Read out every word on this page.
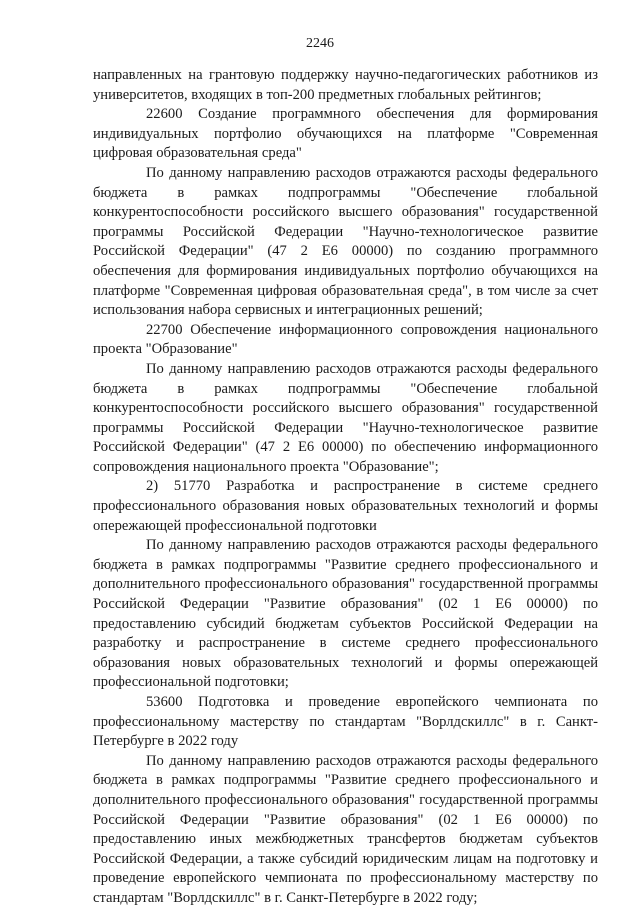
2246

направленных на грантовую поддержку научно-педагогических работников из университетов, входящих в топ-200 предметных глобальных рейтингов;

22600 Создание программного обеспечения для формирования индивидуальных портфолио обучающихся на платформе "Современная цифровая образовательная среда"

По данному направлению расходов отражаются расходы федерального бюджета в рамках подпрограммы "Обеспечение глобальной конкурентоспособности российского высшего образования" государственной программы Российской Федерации "Научно-технологическое развитие Российской Федерации" (47 2 Е6 00000) по созданию программного обеспечения для формирования индивидуальных портфолио обучающихся на платформе "Современная цифровая образовательная среда", в том числе за счет использования набора сервисных и интеграционных решений;

22700 Обеспечение информационного сопровождения национального проекта "Образование"

По данному направлению расходов отражаются расходы федерального бюджета в рамках подпрограммы "Обеспечение глобальной конкурентоспособности российского высшего образования" государственной программы Российской Федерации "Научно-технологическое развитие Российской Федерации" (47 2 Е6 00000) по обеспечению информационного сопровождения национального проекта "Образование";

2) 51770 Разработка и распространение в системе среднего профессионального образования новых образовательных технологий и формы опережающей профессиональной подготовки

По данному направлению расходов отражаются расходы федерального бюджета в рамках подпрограммы "Развитие среднего профессионального и дополнительного профессионального образования" государственной программы Российской Федерации "Развитие образования" (02 1 Е6 00000) по предоставлению субсидий бюджетам субъектов Российской Федерации на разработку и распространение в системе среднего профессионального образования новых образовательных технологий и формы опережающей профессиональной подготовки;

53600 Подготовка и проведение европейского чемпионата по профессиональному мастерству по стандартам "Ворлдскиллс" в г. Санкт-Петербурге в 2022 году

По данному направлению расходов отражаются расходы федерального бюджета в рамках подпрограммы "Развитие среднего профессионального и дополнительного профессионального образования" государственной программы Российской Федерации "Развитие образования" (02 1 Е6 00000) по предоставлению иных межбюджетных трансфертов бюджетам субъектов Российской Федерации, а также субсидий юридическим лицам на подготовку и проведение европейского чемпионата по профессиональному мастерству по стандартам "Ворлдскиллс" в г. Санкт-Петербурге в 2022 году;
